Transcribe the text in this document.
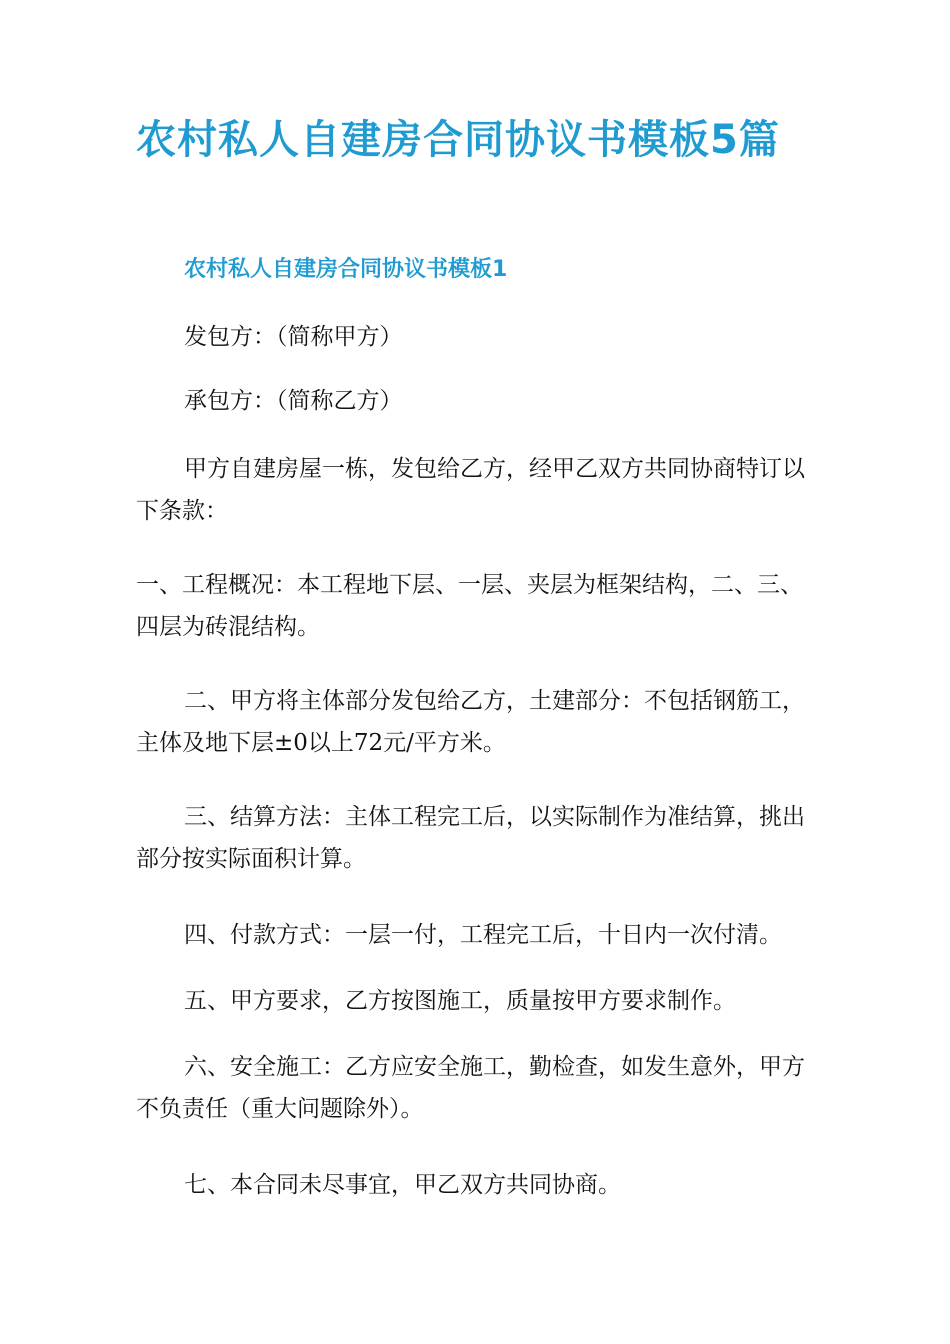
农村私人自建房合同协议书模板5篇
农村私人自建房合同协议书模板1

发包方：（简称甲方）

承包方：（简称乙方）

甲方自建房屋一栋，发包给乙方，经甲乙双方共同协商特订以
下条款：

一、工程概况：本工程地下层、一层、夹层为框架结构，二、三、
四层为砖混结构。

二、甲方将主体部分发包给乙方，土建部分：不包括钢筋工，
主体及地下层±0以上72元/平方米。

三、结算方法：主体工程完工后，以实际制作为准结算，挑出
部分按实际面积计算。

四、付款方式：一层一付，工程完工后，十日内一次付清。

五、甲方要求，乙方按图施工，质量按甲方要求制作。

六、安全施工：乙方应安全施工，勤检查，如发生意外，甲方
不负责任（重大问题除外）。

七、本合同未尽事宜，甲乙双方共同协商。
